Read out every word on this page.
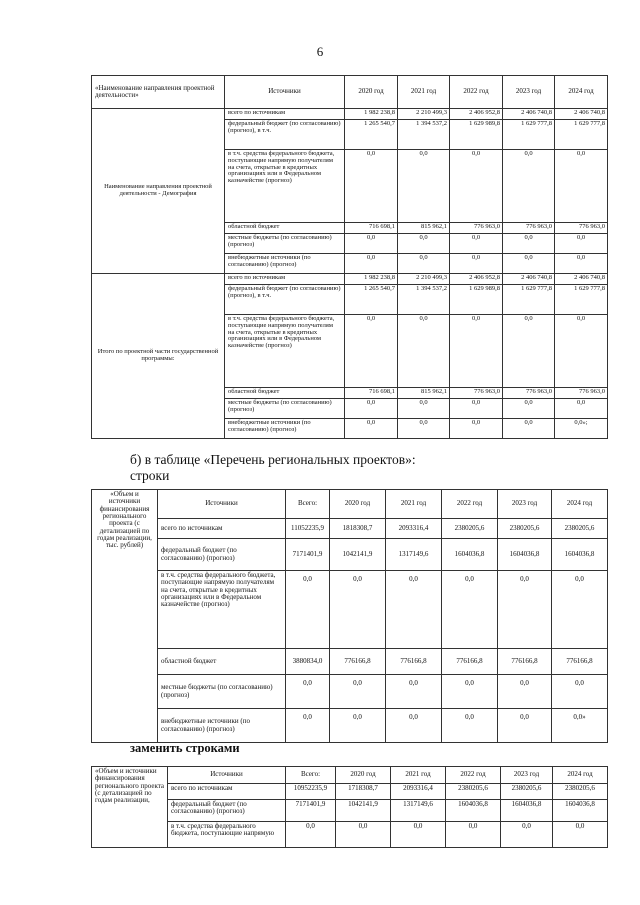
6
«Наименование направления проектной деятельности»	Источники	2020 год	2021 год	2022 год	2023 год	2024 год
Наименование направления проектной деятельности - Демография	всего по источникам	1 982 238,8	2 210 499,3	2 406 952,8	2 406 740,8	2 406 740,8
	федеральный бюджет (по согласованию) (прогноз), в т.ч.	1 265 540,7	1 394 537,2	1 629 989,8	1 629 777,8	1 629 777,8
	в т.ч. средства федерального бюджета, поступающие напрямую получателям на счета, открытые в кредитных организациях или в Федеральном казначействе (прогноз)	0,0	0,0	0,0	0,0	0,0
	областной бюджет	716 698,1	815 962,1	776 963,0	776 963,0	776 963,0
	местные бюджеты (по согласованию) (прогноз)	0,0	0,0	0,0	0,0	0,0
	внебюджетные источники (по согласованию) (прогноз)	0,0	0,0	0,0	0,0	0,0
Итого по проектной части государственной программы:	всего по источникам	1 982 238,8	2 210 499,3	2 406 952,8	2 406 740,8	2 406 740,8
	федеральный бюджет (по согласованию) (прогноз), в т.ч.	1 265 540,7	1 394 537,2	1 629 989,8	1 629 777,8	1 629 777,8
	в т.ч. средства федерального бюджета, поступающие напрямую получателям на счета, открытые в кредитных организациях или в Федеральном казначействе (прогноз)	0,0	0,0	0,0	0,0	0,0
	областной бюджет	716 698,1	815 962,1	776 963,0	776 963,0	776 963,0
	местные бюджеты (по согласованию) (прогноз)	0,0	0,0	0,0	0,0	0,0
	внебюджетные источники (по согласованию) (прогноз)	0,0	0,0	0,0	0,0	0,0»;
б) в таблице «Перечень региональных проектов»: строки
«Объем и источники финансирования регионального проекта (с детализацией по годам реализации, тыс. рублей)	Источники	Всего:	2020 год	2021 год	2022 год	2023 год	2024 год
	всего по источникам	11052235,9	1818308,7	2093316,4	2380205,6	2380205,6	2380205,6
	федеральный бюджет (по согласованию) (прогноз)	7171401,9	1042141,9	1317149,6	1604036,8	1604036,8	1604036,8
	в т.ч. средства федерального бюджета, поступающие напрямую получателям на счета, открытые в кредитных организациях или в Федеральном казначействе (прогноз)	0,0	0,0	0,0	0,0	0,0	0,0
	областной бюджет	3880834,0	776166,8	776166,8	776166,8	776166,8	776166,8
	местные бюджеты (по согласованию) (прогноз)	0,0	0,0	0,0	0,0	0,0	0,0
	внебюджетные источники (по согласованию) (прогноз)	0,0	0,0	0,0	0,0	0,0	0,0»
заменить строками
«Объем и источники финансирования регионального проекта (с детализацией по годам реализации,	Источники	Всего:	2020 год	2021 год	2022 год	2023 год	2024 год
	всего по источникам	10952235,9	1718308,7	2093316,4	2380205,6	2380205,6	2380205,6
	федеральный бюджет (по согласованию) (прогноз)	7171401,9	1042141,9	1317149,6	1604036,8	1604036,8	1604036,8
	в т.ч. средства федерального бюджета, поступающие напрямую	0,0	0,0	0,0	0,0	0,0	0,0
